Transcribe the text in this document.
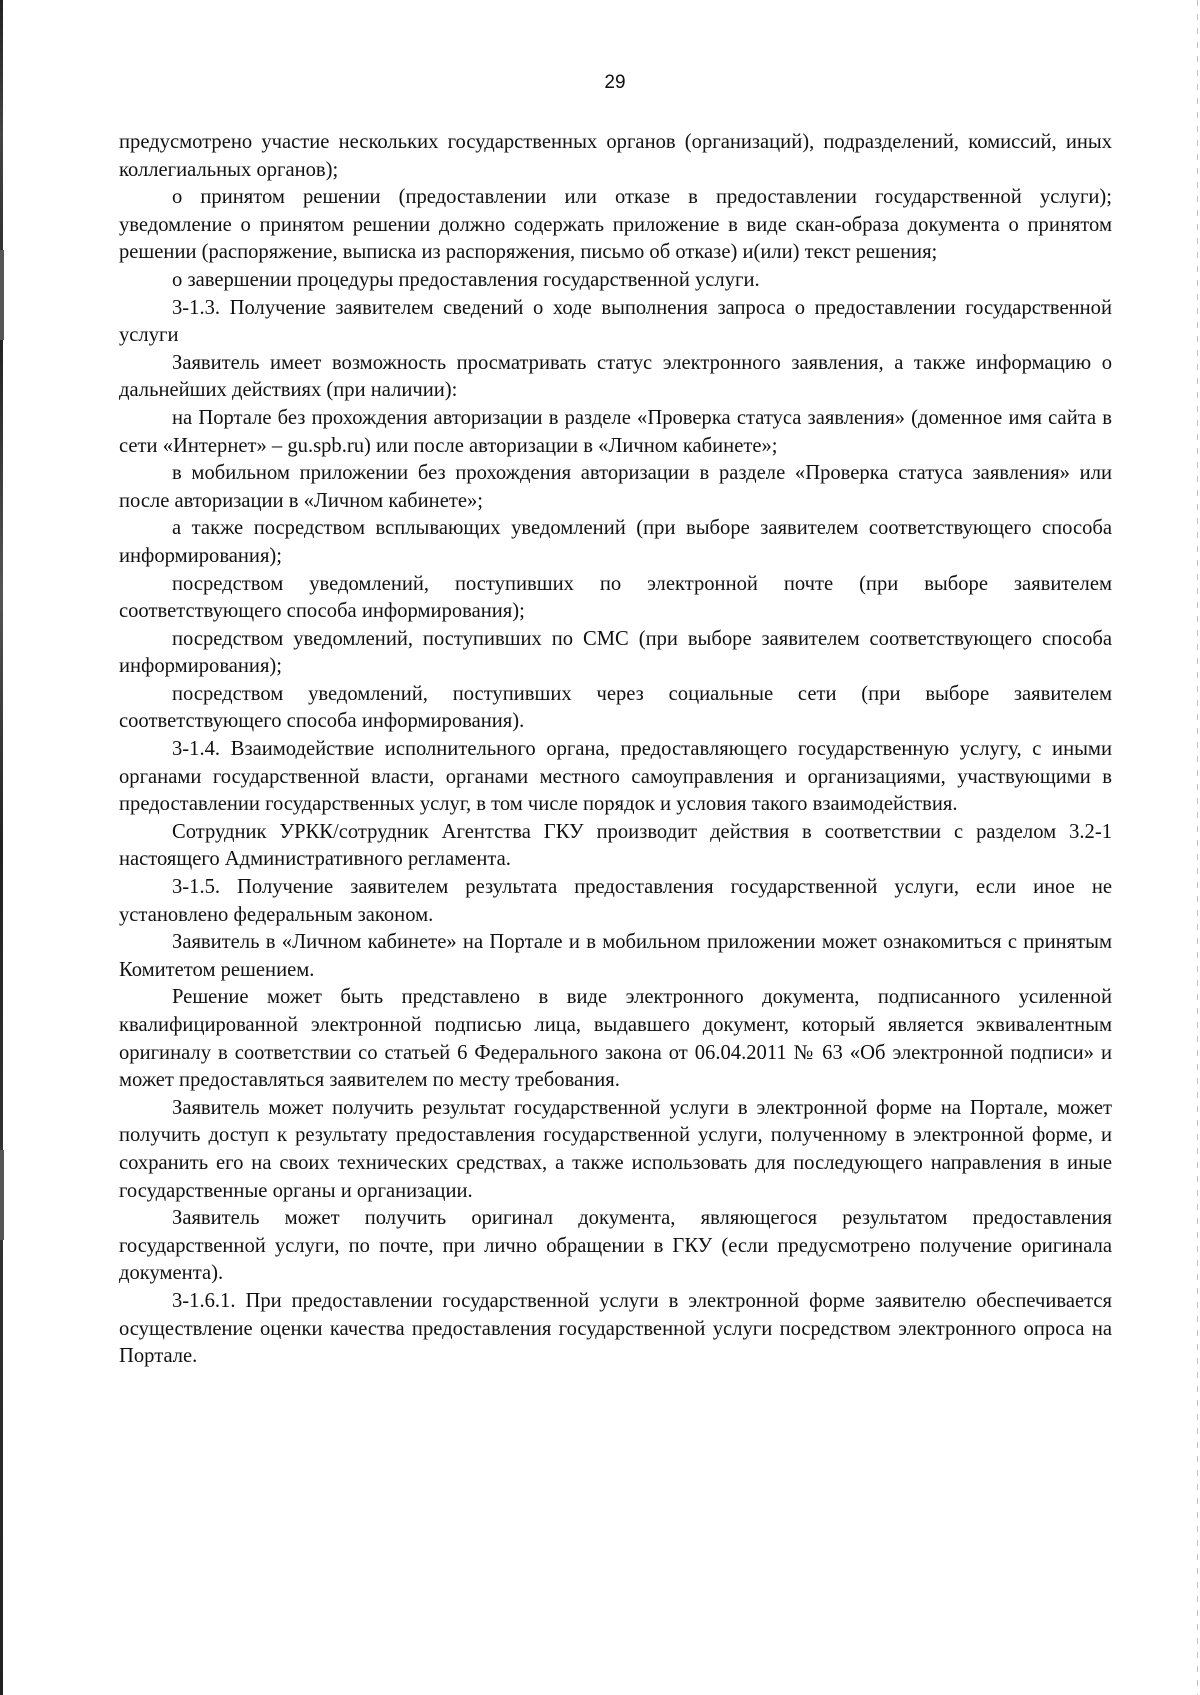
29

предусмотрено участие нескольких государственных органов (организаций), подразделений, комиссий, иных коллегиальных органов);

о принятом решении (предоставлении или отказе в предоставлении государственной услуги); уведомление о принятом решении должно содержать приложение в виде скан-образа документа о принятом решении (распоряжение, выписка из распоряжения, письмо об отказе) и(или) текст решения;

о завершении процедуры предоставления государственной услуги.

3-1.3. Получение заявителем сведений о ходе выполнения запроса о предоставлении государственной услуги

Заявитель имеет возможность просматривать статус электронного заявления, а также информацию о дальнейших действиях (при наличии):

на Портале без прохождения авторизации в разделе «Проверка статуса заявления» (доменное имя сайта в сети «Интернет» – gu.spb.ru) или после авторизации в «Личном кабинете»;

в мобильном приложении без прохождения авторизации в разделе «Проверка статуса заявления» или после авторизации в «Личном кабинете»;

а также посредством всплывающих уведомлений (при выборе заявителем соответствующего способа информирования);

посредством уведомлений, поступивших по электронной почте (при выборе заявителем соответствующего способа информирования);

посредством уведомлений, поступивших по СМС (при выборе заявителем соответствующего способа информирования);

посредством уведомлений, поступивших через социальные сети (при выборе заявителем соответствующего способа информирования).

3-1.4. Взаимодействие исполнительного органа, предоставляющего государственную услугу, с иными органами государственной власти, органами местного самоуправления и организациями, участвующими в предоставлении государственных услуг, в том числе порядок и условия такого взаимодействия.

Сотрудник УРКК/сотрудник Агентства ГКУ производит действия в соответствии с разделом 3.2-1 настоящего Административного регламента.

3-1.5. Получение заявителем результата предоставления государственной услуги, если иное не установлено федеральным законом.

Заявитель в «Личном кабинете» на Портале и в мобильном приложении может ознакомиться с принятым Комитетом решением.

Решение может быть представлено в виде электронного документа, подписанного усиленной квалифицированной электронной подписью лица, выдавшего документ, который является эквивалентным оригиналу в соответствии со статьей 6 Федерального закона от 06.04.2011 № 63 «Об электронной подписи» и может предоставляться заявителем по месту требования.

Заявитель может получить результат государственной услуги в электронной форме на Портале, может получить доступ к результату предоставления государственной услуги, полученному в электронной форме, и сохранить его на своих технических средствах, а также использовать для последующего направления в иные государственные органы и организации.

Заявитель может получить оригинал документа, являющегося результатом предоставления государственной услуги, по почте, при лично обращении в ГКУ (если предусмотрено получение оригинала документа).

3-1.6.1. При предоставлении государственной услуги в электронной форме заявителю обеспечивается осуществление оценки качества предоставления государственной услуги посредством электронного опроса на Портале.
